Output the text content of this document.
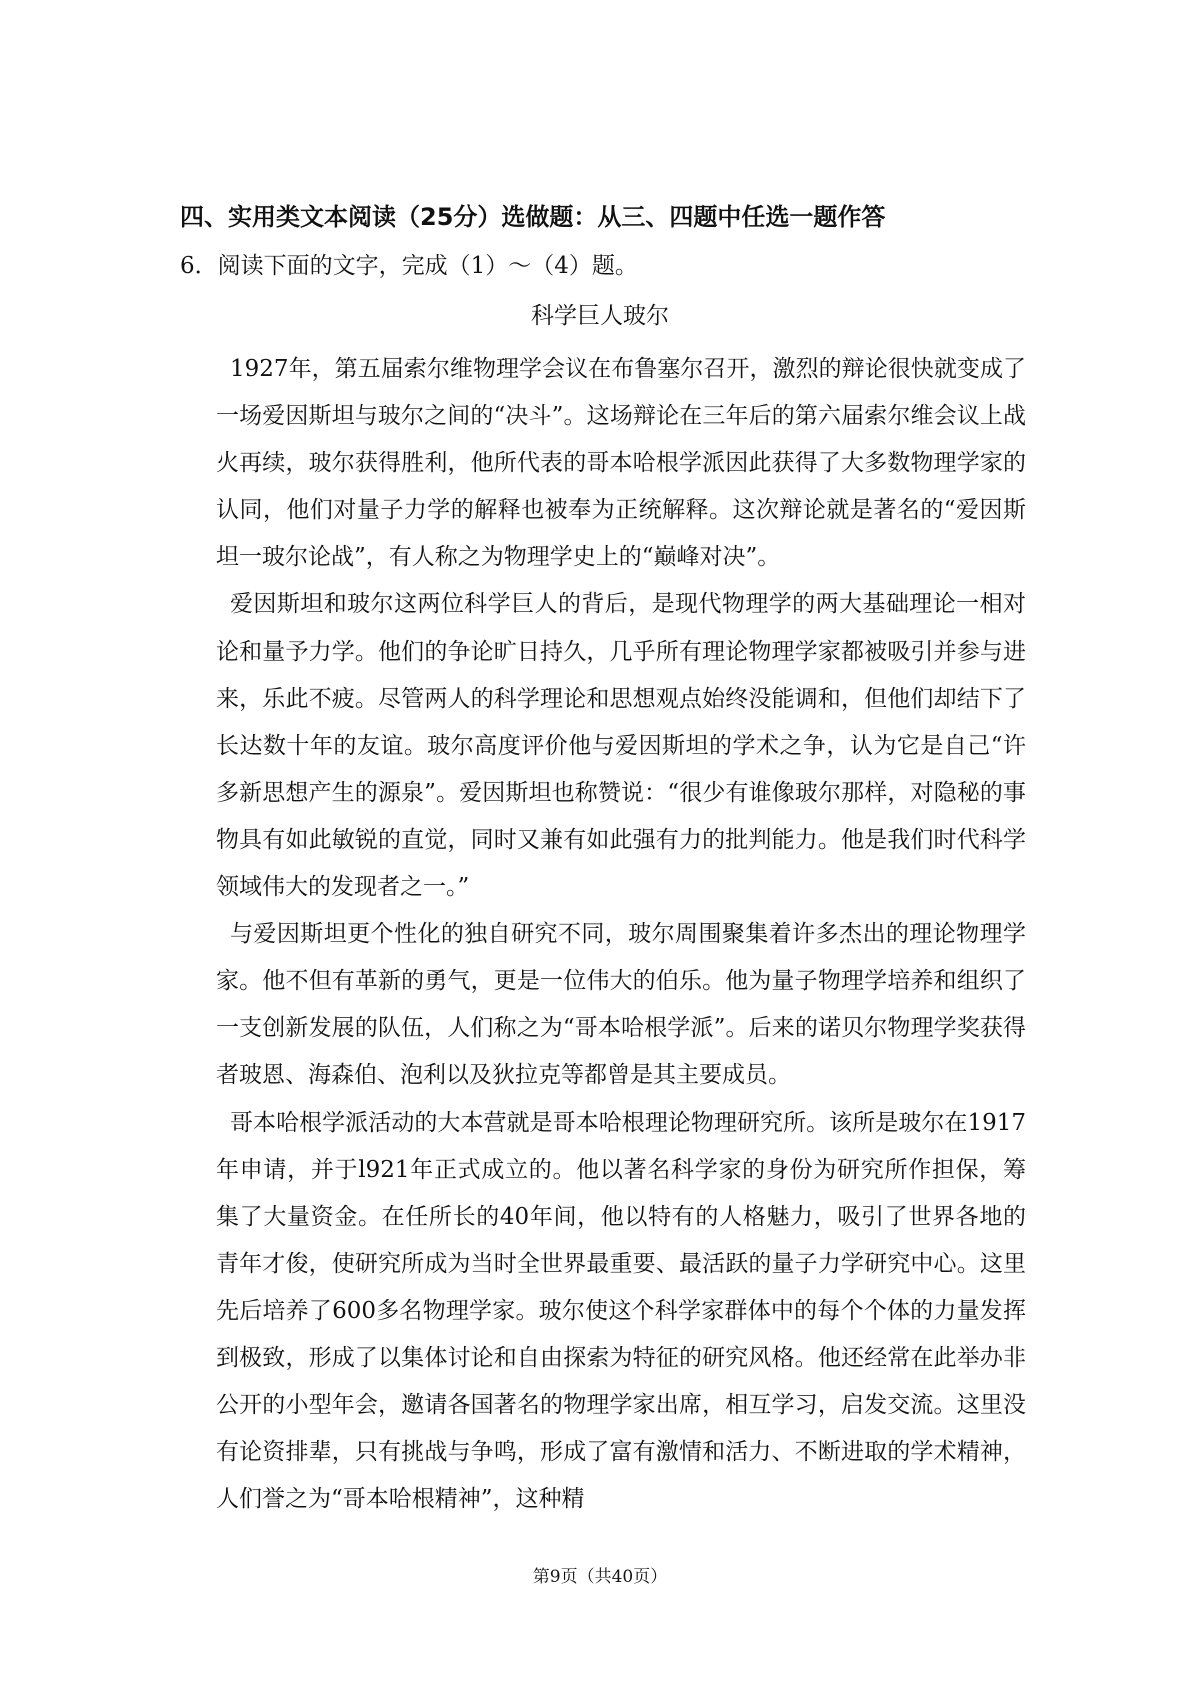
四、实用类文本阅读（25分）选做题：从三、四题中任选一题作答
6．阅读下面的文字，完成（1）～（4）题。
科学巨人玻尔

1927年，第五届索尔维物理学会议在布鲁塞尔召开，激烈的辩论很快就变成了一场爱因斯坦与玻尔之间的“决斗”。这场辩论在三年后的第六届索尔维会议上战火再续，玻尔获得胜利，他所代表的哥本哈根学派因此获得了大多数物理学家的认同，他们对量子力学的解释也被奉为正统解释。这次辩论就是著名的“爱因斯坦一玻尔论战”，有人称之为物理学史上的“巅峰对决”。

爱因斯坦和玻尔这两位科学巨人的背后，是现代物理学的两大基础理论一相对论和量予力学。他们的争论旷日持久，几乎所有理论物理学家都被吸引并参与进来，乐此不疲。尽管两人的科学理论和思想观点始终没能调和，但他们却结下了长达数十年的友谊。玻尔高度评价他与爱因斯坦的学术之争，认为它是自己“许多新思想产生的源泉”。爱因斯坦也称赞说：“很少有谁像玻尔那样，对隐秘的事物具有如此敏锐的直觉，同时又兼有如此强有力的批判能力。他是我们时代科学领域伟大的发现者之一。”

与爱因斯坦更个性化的独自研究不同，玻尔周围聚集着许多杰出的理论物理学家。他不但有革新的勇气，更是一位伟大的伯乐。他为量子物理学培养和组织了一支创新发展的队伍，人们称之为“哥本哈根学派”。后来的诺贝尔物理学奖获得者玻恩、海森伯、泡利以及狄拉克等都曾是其主要成员。

哥本哈根学派活动的大本营就是哥本哈根理论物理研究所。该所是玻尔在1917年申请，并于l921年正式成立的。他以著名科学家的身份为研究所作担保，筹集了大量资金。在任所长的40年间，他以特有的人格魅力，吸引了世界各地的青年才俊，使研究所成为当时全世界最重要、最活跃的量子力学研究中心。这里先后培养了600多名物理学家。玻尔使这个科学家群体中的每个个体的力量发挥到极致，形成了以集体讨论和自由探索为特征的研究风格。他还经常在此举办非公开的小型年会，邀请各国著名的物理学家出席，相互学习，启发交流。这里没有论资排辈，只有挑战与争鸣，形成了富有激情和活力、不断进取的学术精神，人们誉之为“哥本哈根精神”，这种精

第9页（共40页）
